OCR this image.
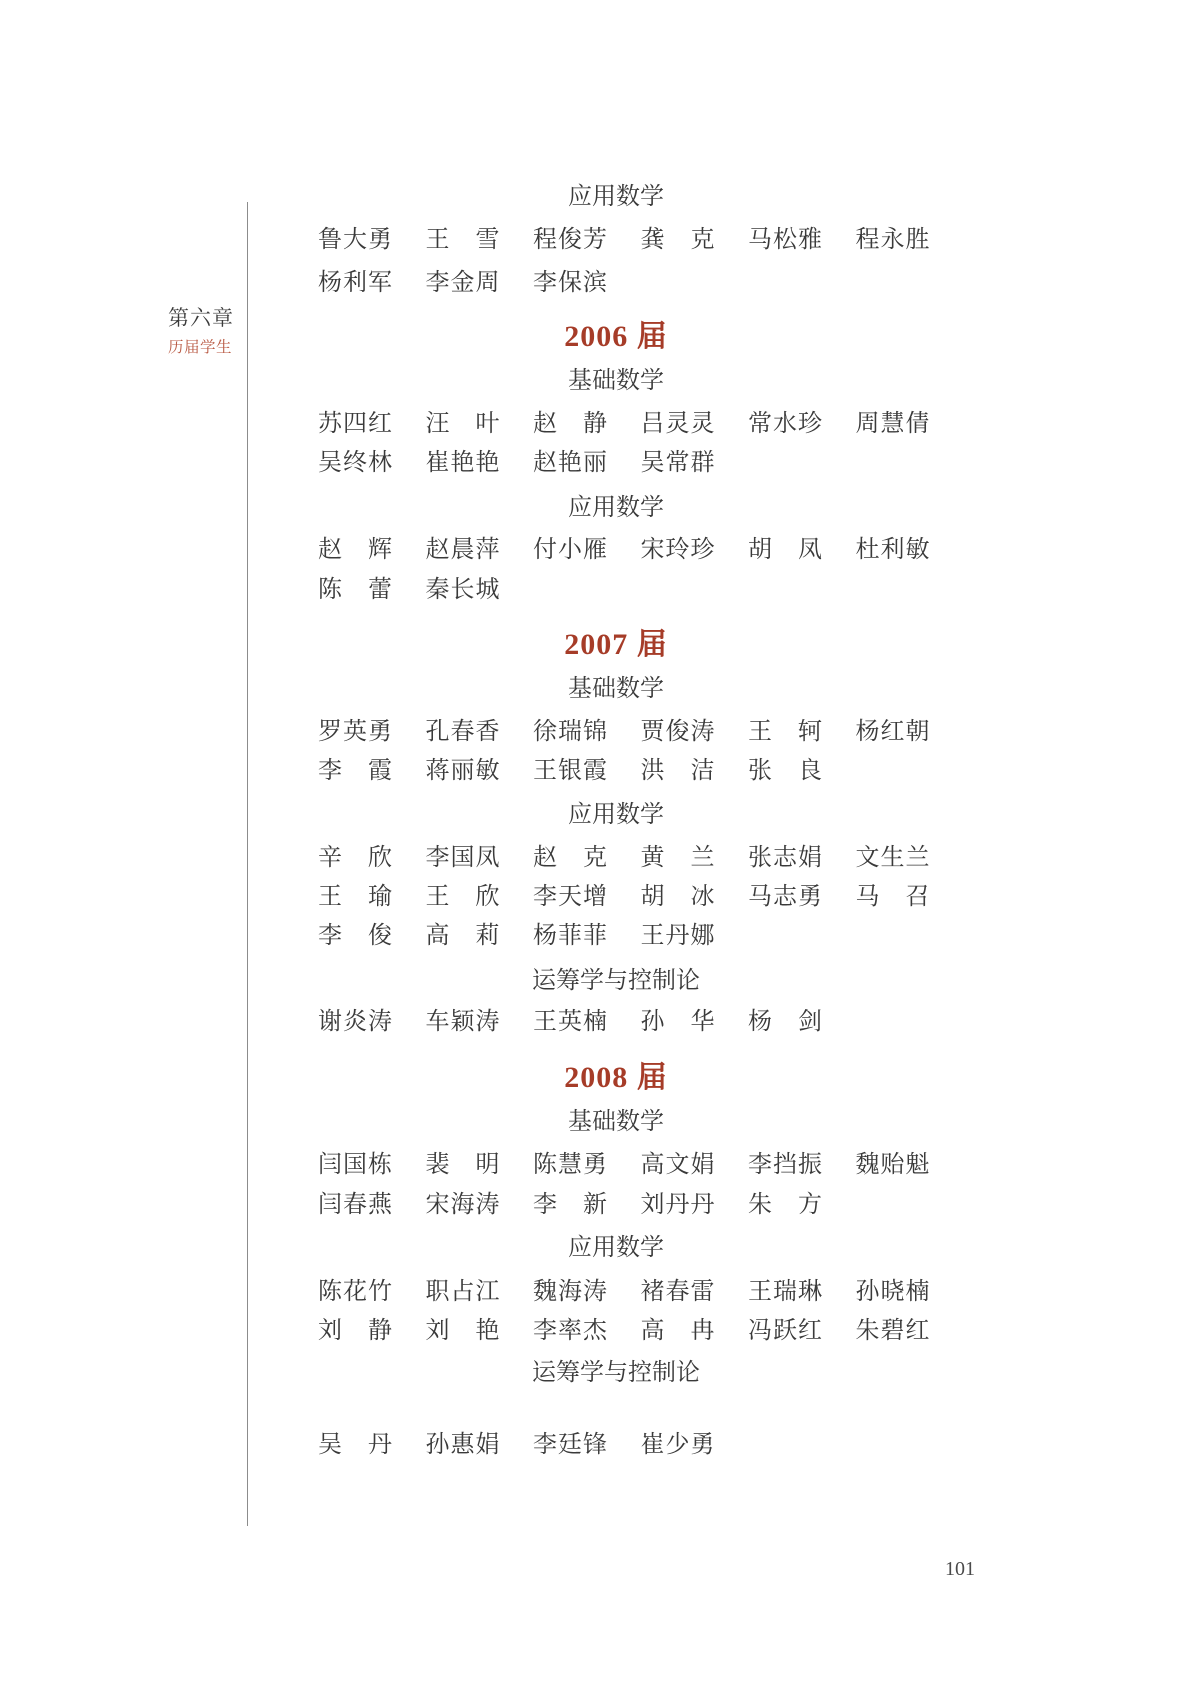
第六章
历届学生
应用数学
鲁大勇 王雪 程俊芳 龚克 马松雅 程永胜
杨利军 李金周 李保滨
2006 届
基础数学
苏四红 汪叶 赵静 吕灵灵 常水珍 周慧倩
吴终林 崔艳艳 赵艳丽 吴常群
应用数学
赵辉 赵晨萍 付小雁 宋玲珍 胡凤 杜利敏
陈蕾 秦长城
2007 届
基础数学
罗英勇 孔春香 徐瑞锦 贾俊涛 王轲 杨红朝
李霞 蒋丽敏 王银霞 洪洁 张良
应用数学
辛欣 李国凤 赵克 黄兰 张志娟 文生兰
王瑜 王欣 李天增 胡冰 马志勇 马召
李俊 高莉 杨菲菲 王丹娜
运筹学与控制论
谢炎涛 车颖涛 王英楠 孙华 杨剑
2008 届
基础数学
闫国栋 裴明 陈慧勇 高文娟 李挡振 魏贻魁
闫春燕 宋海涛 李新 刘丹丹 朱方
应用数学
陈花竹 职占江 魏海涛 褚春雷 王瑞琳 孙晓楠
刘静 刘艳 李率杰 高冉 冯跃红 朱碧红
运筹学与控制论
吴丹 孙惠娟 李廷锋 崔少勇
101
